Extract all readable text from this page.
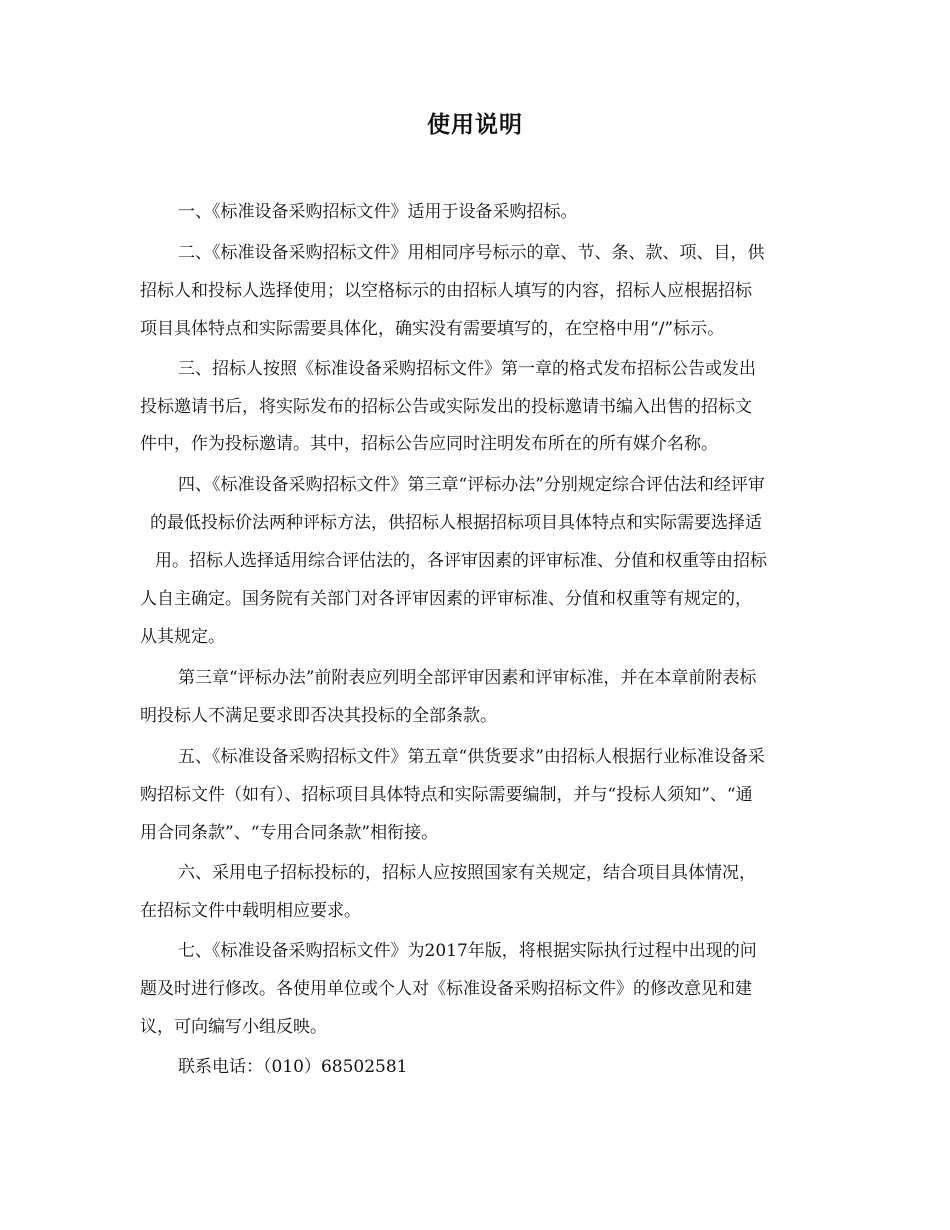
使用说明
一、《标准设备采购招标文件》适用于设备采购招标。
二、《标准设备采购招标文件》用相同序号标示的章、节、条、款、项、目，供
招标人和投标人选择使用；以空格标示的由招标人填写的内容，招标人应根据招标
项目具体特点和实际需要具体化，确实没有需要填写的，在空格中用“/”标示。
三、招标人按照《标准设备采购招标文件》第一章的格式发布招标公告或发出
投标邀请书后，将实际发布的招标公告或实际发出的投标邀请书编入出售的招标文
件中，作为投标邀请。其中，招标公告应同时注明发布所在的所有媒介名称。
四、《标准设备采购招标文件》第三章“评标办法”分别规定综合评估法和经评审
的最低投标价法两种评标方法，供招标人根据招标项目具体特点和实际需要选择适
用。招标人选择适用综合评估法的，各评审因素的评审标准、分值和权重等由招标
人自主确定。国务院有关部门对各评审因素的评审标准、分值和权重等有规定的，
从其规定。
第三章“评标办法”前附表应列明全部评审因素和评审标准，并在本章前附表标
明投标人不满足要求即否决其投标的全部条款。
五、《标准设备采购招标文件》第五章“供货要求”由招标人根据行业标准设备采
购招标文件（如有）、招标项目具体特点和实际需要编制，并与“投标人须知”、“通
用合同条款”、“专用合同条款”相衔接。
六、采用电子招标投标的，招标人应按照国家有关规定，结合项目具体情况，
在招标文件中载明相应要求。
七、《标准设备采购招标文件》为2017年版，将根据实际执行过程中出现的问
题及时进行修改。各使用单位或个人对《标准设备采购招标文件》的修改意见和建
议，可向编写小组反映。
联系电话：（010）68502581
